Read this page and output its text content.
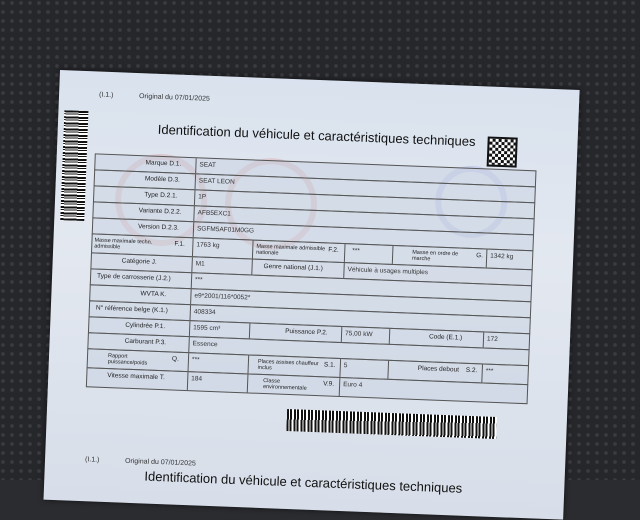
(I.1.)	Original du 07/01/2025
Identification du véhicule et caractéristiques techniques
Marque D.1.	SEAT
Modèle D.3.	SEAT LEON
Type D.2.1.	1P
Variante D.2.2. AFB5EXC1
Version D.2.3.	SGFM5AF01M0GG
Masse maximale techn. admissible	F.1. 1763 kg	Masse maximale admissible nationale	F.2. ***	Masse en ordre de marche	G. 1342 kg
Catégorie J.	M1	Genre national (J.1.)	Véhicule à usages multiples
Type de carrosserie (J.2.)	***
WVTA K.	e9*2001/116*0052*
N° référence belge (K.1.)	408334
Cylindrée P.1.	1595 cm³	Puissance P.2.	75,00 kW	Code (E.1.)	172
Carburant P.3.	Essence
Rapport puissance/poids	Q. ***	Places assises chauffeur inclus	S.1. 5	Places debout S.2. ***
Vitesse maximale T.	184	Classe environnementale	V.9. Euro 4
(I.1.)	Original du 07/01/2025
Identification du véhicule et caractéristiques techniques
